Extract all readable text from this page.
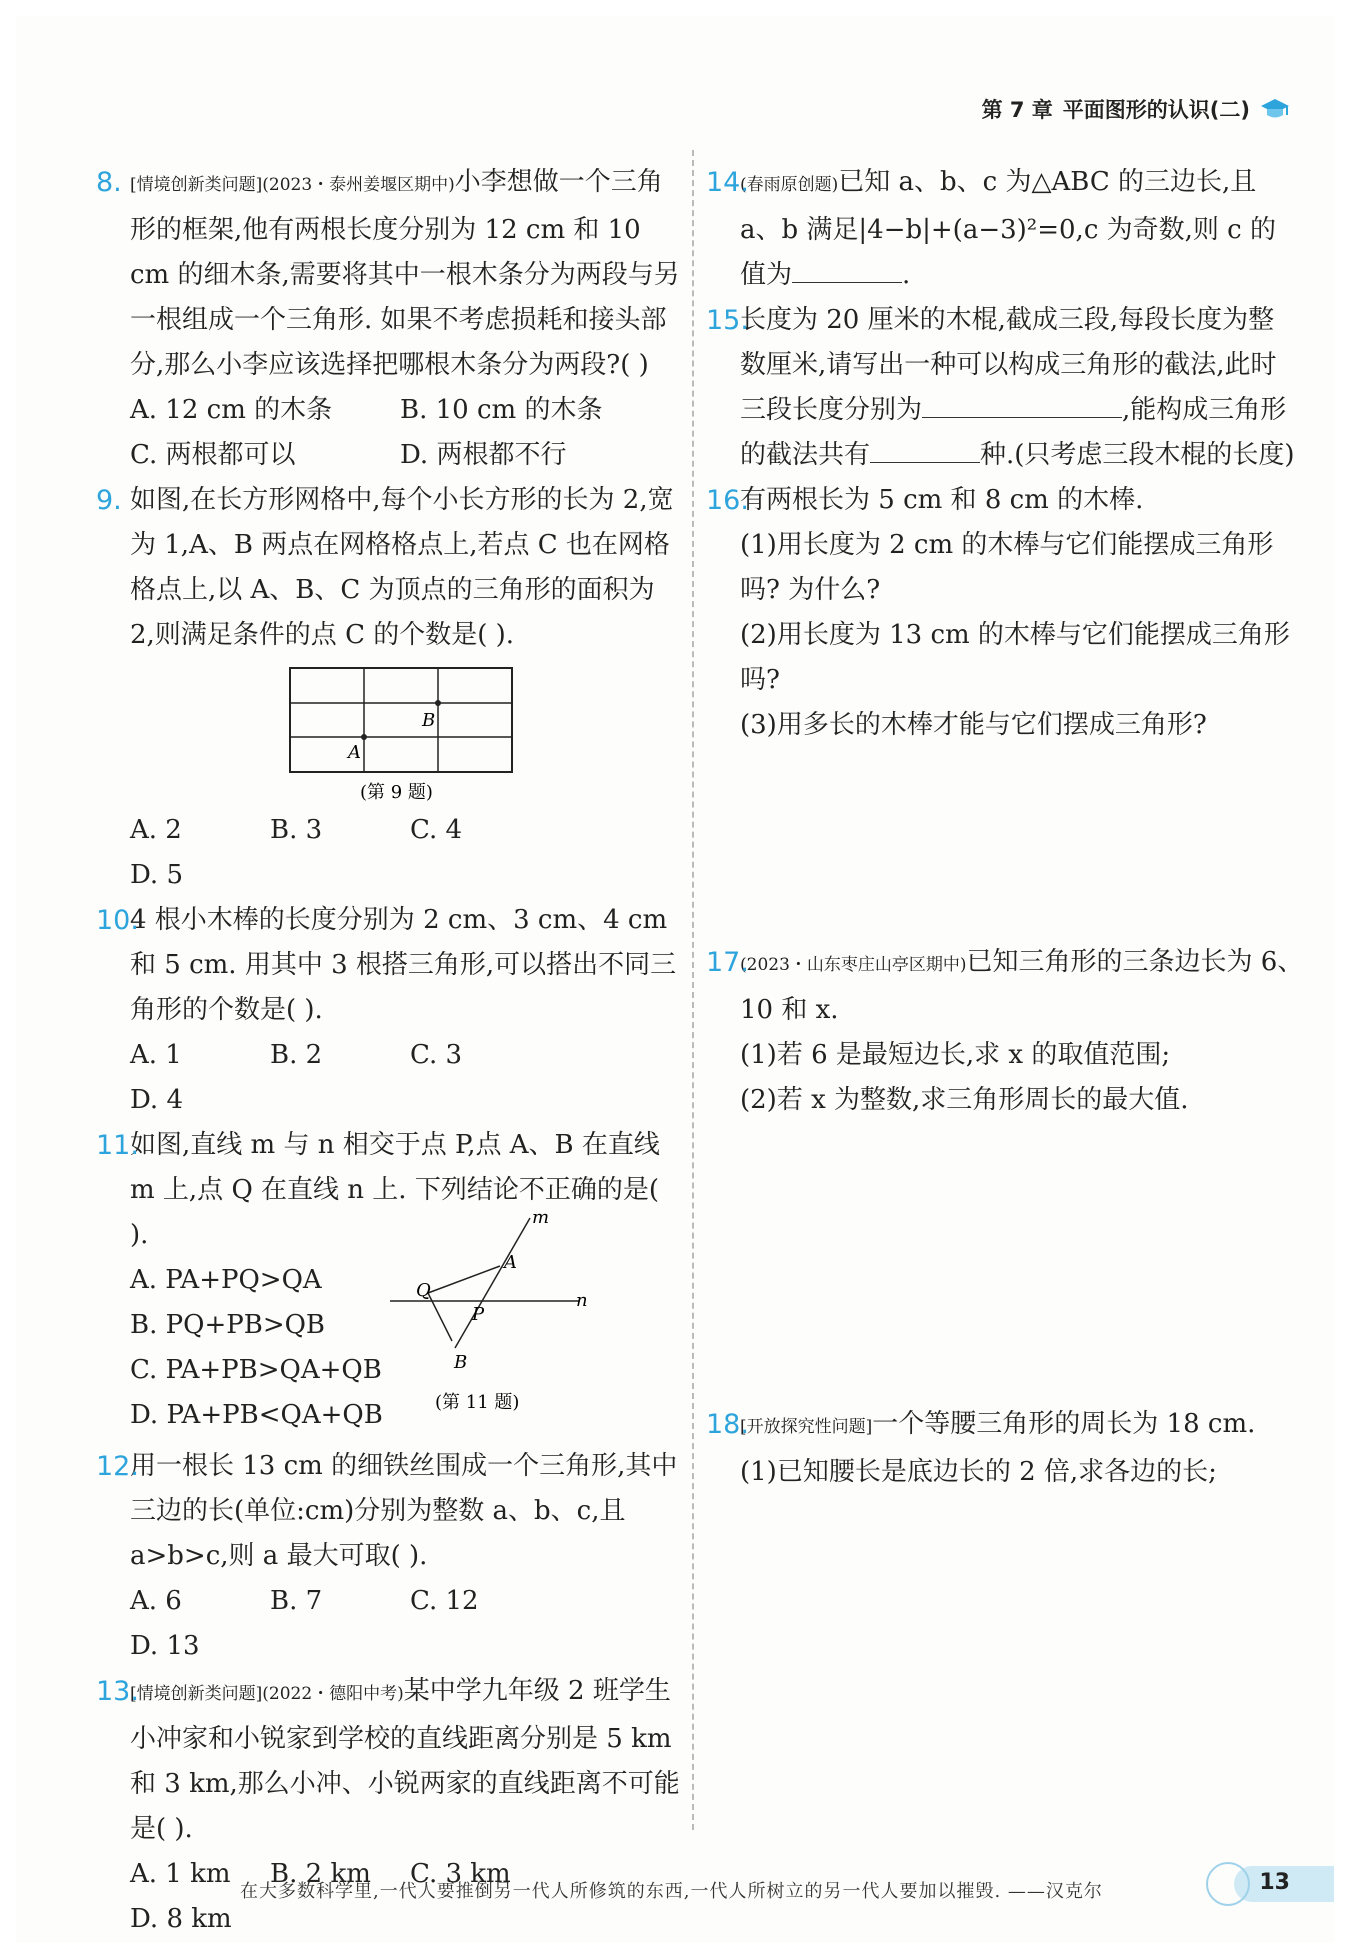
第 7 章 平面图形的认识(二)
8. [情境创新类问题](2023・泰州姜堰区期中)小李想做一个三角形的框架,他有两根长度分别为 12 cm 和 10 cm 的细木条,需要将其中一根木条分为两段与另一根组成一个三角形. 如果不考虑损耗和接头部分,那么小李应该选择把哪根木条分为两段?( )
A. 12 cm 的木条	B. 10 cm 的木条
C. 两根都可以	D. 两根都不行
9. 如图,在长方形网格中,每个小长方形的长为 2,宽为 1,A、B 两点在网格格点上,若点 C 也在网格格点上,以 A、B、C 为顶点的三角形的面积为 2,则满足条件的点 C 的个数是( ).
A
B
(第 9 题)
A. 2	B. 3	C. 4
D. 5
10.
4 根小木棒的长度分别为 2 cm、3 cm、4 cm 和 5 cm. 用其中 3 根搭三角形,可以搭出不同三角形的个数是( ).
A. 1	B. 2	C. 3
D. 4
11.
如图,直线 m 与 n 相交于点 P,点 A、B 在直线 m 上,点 Q 在直线 n 上. 下列结论不正确的是( ).
A. PA+PQ>QA
B. PQ+PB>QB
C. PA+PB>QA+QB
D. PA+PB<QA+QB
m
n
A
Q
P
B
(第 11 题)
12.
用一根长 13 cm 的细铁丝围成一个三角形,其中三边的长(单位:cm)分别为整数 a、b、c,且 a>b>c,则 a 最大可取( ).
A. 6	B. 7	C. 12
D. 13
13.
[情境创新类问题](2022・德阳中考)某中学九年级 2 班学生小冲家和小锐家到学校的直线距离分别是 5 km 和 3 km,那么小冲、小锐两家的直线距离不可能是( ).
A. 1 km	B. 2 km	C. 3 km
D. 8 km
14.
(春雨原创题)已知 a、b、c 为△ABC 的三边长,且 a、b 满足|4−b|+(a−3)²=0,c 为奇数,则 c 的值为	.
15.
长度为 20 厘米的木棍,截成三段,每段长度为整数厘米,请写出一种可以构成三角形的截法,此时三段长度分别为	,能构成三角形的截法共有	种.(只考虑三段木棍的长度)
16.
有两根长为 5 cm 和 8 cm 的木棒.
(1)用长度为 2 cm 的木棒与它们能摆成三角形吗? 为什么?
(2)用长度为 13 cm 的木棒与它们能摆成三角形吗?
(3)用多长的木棒才能与它们摆成三角形?
17.
(2023・山东枣庄山亭区期中)已知三角形的三条边长为 6、10 和 x.
(1)若 6 是最短边长,求 x 的取值范围;
(2)若 x 为整数,求三角形周长的最大值.
18.
[开放探究性问题]一个等腰三角形的周长为 18 cm.
(1)已知腰长是底边长的 2 倍,求各边的长;
在大多数科学里,一代人要推倒另一代人所修筑的东西,一代人所树立的另一代人要加以摧毁. ——汉克尔	13
